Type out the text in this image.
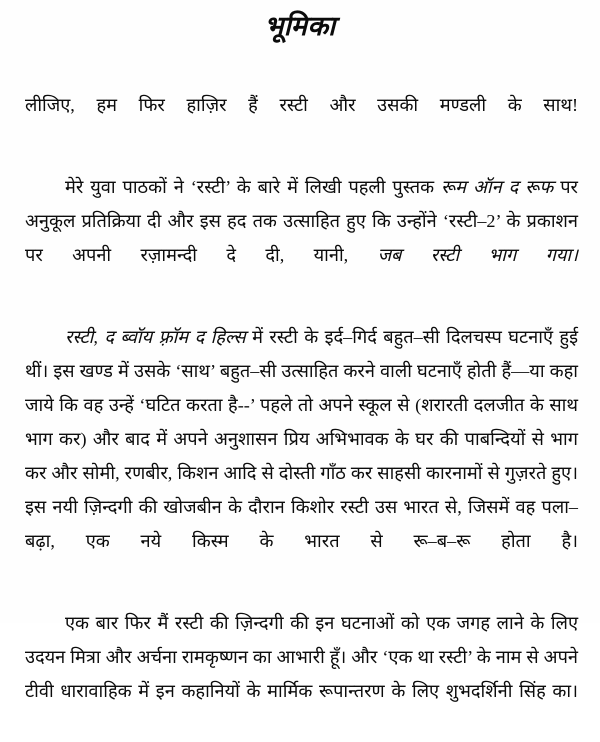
भूमिका

लीजिए, हम फिर हाज़िर हैं रस्टी और उसकी मण्डली के साथ!

मेरे युवा पाठकों ने ‘रस्टी’ के बारे में लिखी पहली पुस्तक रूम ऑन द रूफ पर अनुकूल प्रतिक्रिया दी और इस हद तक उत्साहित हुए कि उन्होंने ‘रस्टी–2’ के प्रकाशन पर अपनी रज़ामन्दी दे दी, यानी, जब रस्टी भाग गया।

रस्टी, द ब्वॉय फ़्रॉम द हिल्स में रस्टी के इर्द–गिर्द बहुत–सी दिलचस्प घटनाएँ हुई थीं। इस खण्ड में उसके ‘साथ’ बहुत–सी उत्साहित करने वाली घटनाएँ होती हैं—या कहा जाये कि वह उन्हें ‘घटित करता है--’ पहले तो अपने स्कूल से (शरारती दलजीत के साथ भाग कर) और बाद में अपने अनुशासन प्रिय अभिभावक के घर की पाबन्दियों से भाग कर और सोमी, रणबीर, किशन आदि से दोस्ती गाँठ कर साहसी कारनामों से गुज़रते हुए। इस नयी ज़िन्दगी की खोजबीन के दौरान किशोर रस्टी उस भारत से, जिसमें वह पला–बढ़ा, एक नये किस्म के भारत से रू–ब–रू होता है।

एक बार फिर मैं रस्टी की ज़िन्दगी की इन घटनाओं को एक जगह लाने के लिए उदयन मित्रा और अर्चना रामकृष्णन का आभारी हूँ। और ‘एक था रस्टी’ के नाम से अपने टीवी धारावाहिक में इन कहानियों के मार्मिक रूपान्तरण के लिए शुभदर्शिनी सिंह का।
